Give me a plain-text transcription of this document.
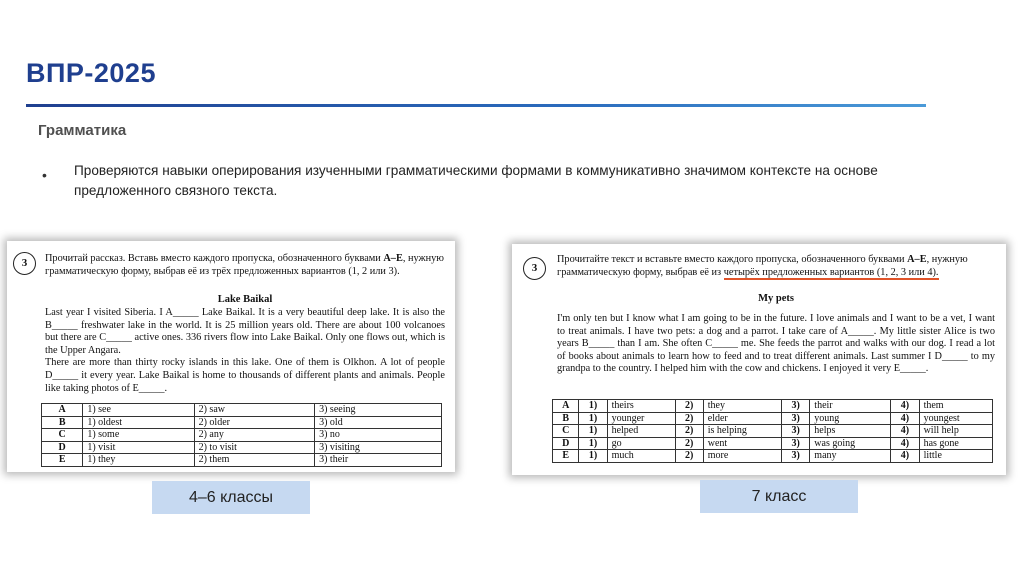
ВПР-2025
Грамматика
• Проверяются навыки оперирования изученными грамматическими формами в коммуникативно значимом контексте на основе предложенного связного текста.
3	Прочитай рассказ. Вставь вместо каждого пропуска, обозначенного буквами A–E, нужную грамматическую форму, выбрав её из трёх предложенных вариантов (1, 2 или 3).
Lake Baikal
Last year I visited Siberia. I A_____ Lake Baikal. It is a very beautiful deep lake. It is also the B_____ freshwater lake in the world. It is 25 million years old. There are about 100 volcanoes but there are C_____ active ones. 336 rivers flow into Lake Baikal. Only one flows out, which is the Upper Angara.
There are more than thirty rocky islands in this lake. One of them is Olkhon. A lot of people D_____ it every year. Lake Baikal is home to thousands of different plants and animals. People like taking photos of E_____.
A	1) see	2) saw	3) seeing
B	1) oldest	2) older	3) old
C	1) some	2) any	3) no
D	1) visit	2) to visit	3) visiting
E	1) they	2) them	3) their
3
Прочитайте текст и вставьте вместо каждого пропуска, обозначенного буквами A–E, нужную грамматическую форму, выбрав её из четырёх предложенных вариантов (1, 2, 3 или 4).
My pets
I'm only ten but I know what I am going to be in the future. I love animals and I want to be a vet, I want to treat animals. I have two pets: a dog and a parrot. I take care of A_____. My little sister Alice is two years B_____ than I am. She often C_____ me. She feeds the parrot and walks with our dog. I read a lot of books about animals to learn how to feed and to treat different animals. Last summer I D_____ to my grandpa to the country. I helped him with the cow and chickens. I enjoyed it very E_____.
A	1)	theirs	2)	they	3)	their	4)	them
B	1)	younger	2)	elder	3)	young	4)	youngest
C	1)	helped	2)	is helping	3)	helps	4)	will help
D	1)	go	2)	went	3)	was going	4)	has gone
E	1)	much	2)	more	3)	many	4)	little
4–6 классы	7 класс
